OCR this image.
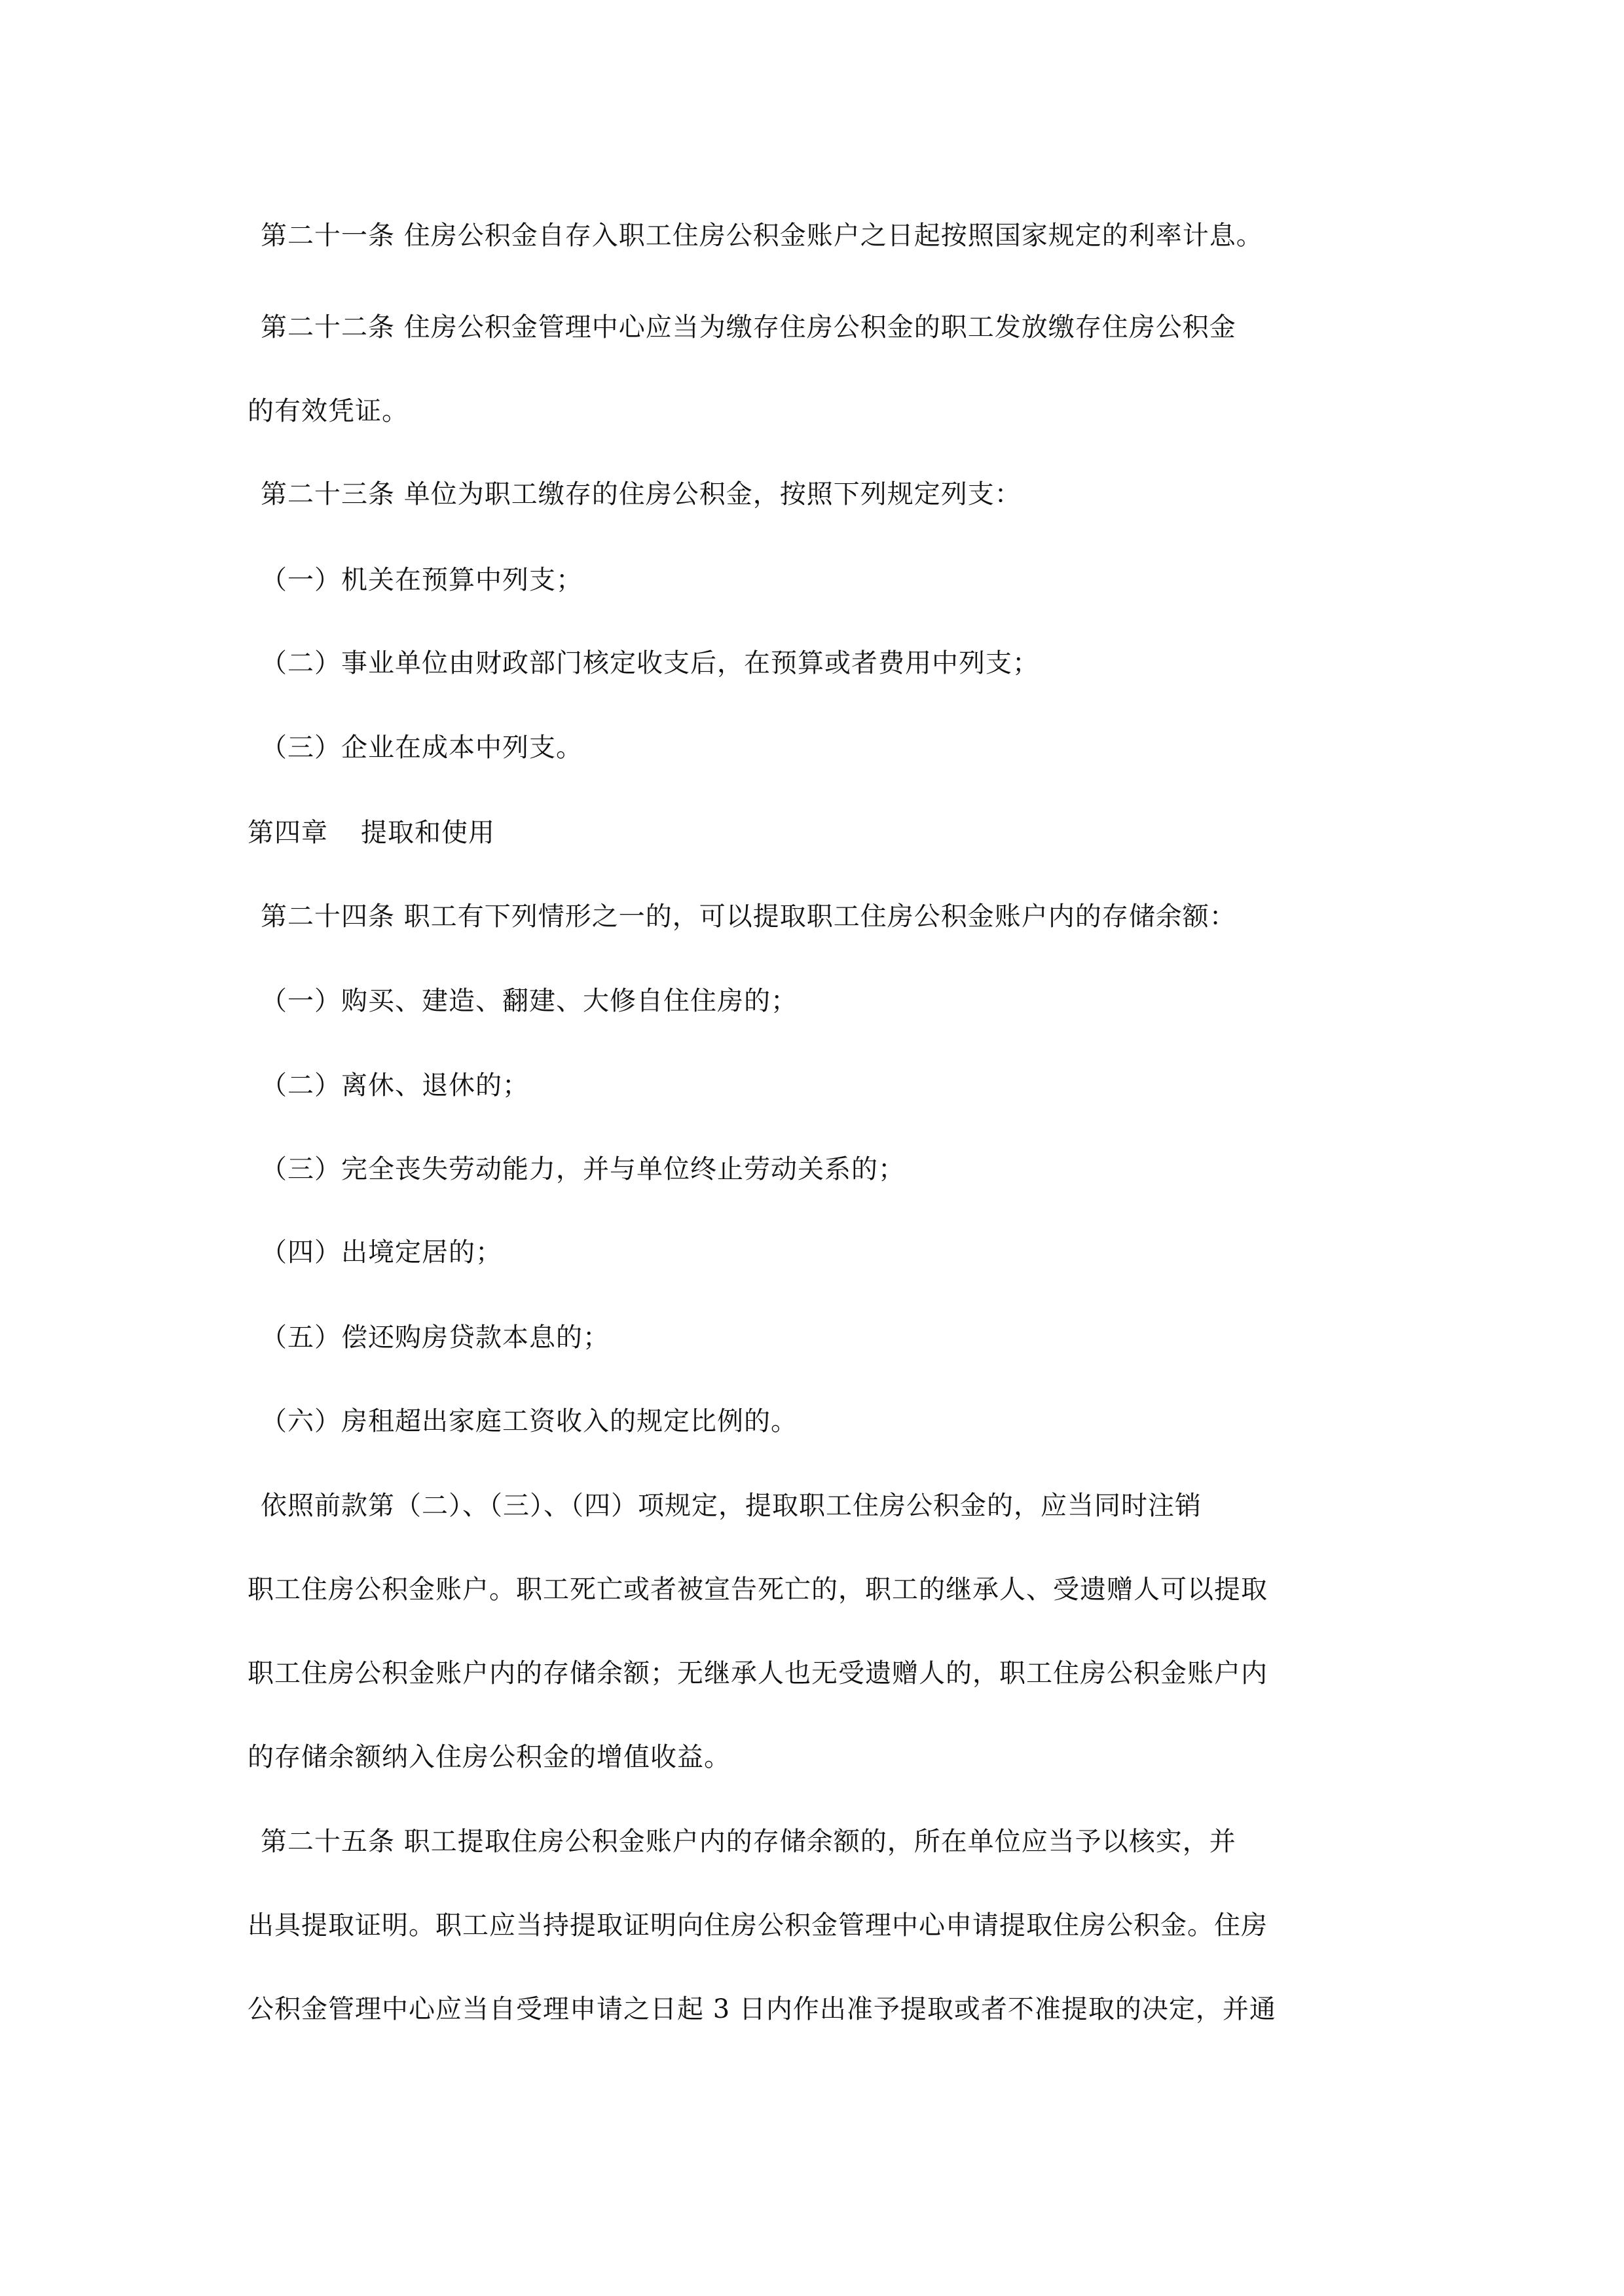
第二十一条 住房公积金自存入职工住房公积金账户之日起按照国家规定的利率计息。
第二十二条 住房公积金管理中心应当为缴存住房公积金的职工发放缴存住房公积金
的有效凭证。
第二十三条 单位为职工缴存的住房公积金，按照下列规定列支：
（一）机关在预算中列支；
（二）事业单位由财政部门核定收支后，在预算或者费用中列支；
（三）企业在成本中列支。
第四章 提取和使用
第二十四条 职工有下列情形之一的，可以提取职工住房公积金账户内的存储余额：
（一）购买、建造、翻建、大修自住住房的；
（二）离休、退休的；
（三）完全丧失劳动能力，并与单位终止劳动关系的；
（四）出境定居的；
（五）偿还购房贷款本息的；
（六）房租超出家庭工资收入的规定比例的。
依照前款第（二）、（三）、（四）项规定，提取职工住房公积金的，应当同时注销
职工住房公积金账户。职工死亡或者被宣告死亡的，职工的继承人、受遗赠人可以提取
职工住房公积金账户内的存储余额；无继承人也无受遗赠人的，职工住房公积金账户内
的存储余额纳入住房公积金的增值收益。
第二十五条 职工提取住房公积金账户内的存储余额的，所在单位应当予以核实，并
出具提取证明。职工应当持提取证明向住房公积金管理中心申请提取住房公积金。住房
公积金管理中心应当自受理申请之日起 3 日内作出准予提取或者不准提取的决定，并通
